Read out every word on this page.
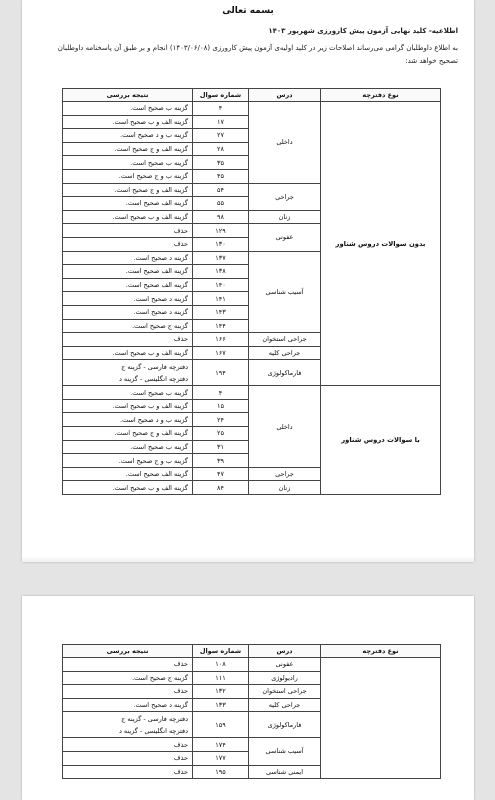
بسمه تعالی
اطلاعیه- کلید نهایی آزمون پیش کارورزی شهریور ۱۴۰۳

به اطلاع داوطلبان گرامی می‌رساند اصلاحات زیر در کلید اولیه‌ی آزمون پیش کارورزی (۱۴۰۳/۰۶/۰۸) انجام و بر طبق آن پاسخنامه داوطلبان تصحیح خواهد شد:

نوع دفترچه	درس	شماره سوال	نتیجه بررسی
بدون سوالات دروس شناور	داخلی	۴	گزینه ب صحیح است.
		۱۷	گزینه الف و ب صحیح است.
		۲۷	گزینه ب و د صحیح است.
		۲۸	گزینه الف و ج صحیح است.
		۳۵	گزینه ب صحیح است.
		۴۵	گزینه ب و ج صحیح است.
	جراحی	۵۴	گزینه الف و ج صحیح است.
		۵۵	گزینه الف صحیح است.
	زنان	۹۸	گزینه الف و ب صحیح است.
	عفونی	۱۲۹	حذف
		۱۳۰	حذف
	آسیب شناسی	۱۳۷	گزینه د صحیح است.
		۱۳۸	گزینه الف صحیح است.
		۱۴۰	گزینه الف صحیح است.
		۱۴۱	گزینه د صحیح است.
		۱۴۳	گزینه د صحیح است.
		۱۴۴	گزینه ج صحیح است.
	جراحی استخوان	۱۶۶	حذف
	جراحی کلیه	۱۶۷	گزینه الف و ب صحیح است.
	فارماکولوژی	۱۹۴	دفترچه فارسی - گزینه ج
دفترچه انگلیسی - گزینه د

با سوالات دروس شناور	داخلی	۴	گزینه ب صحیح است.
		۱۵	گزینه الف و ب صحیح است.
		۲۴	گزینه ب و د صحیح است.
		۲۵	گزینه الف و ج صحیح است.
		۳۱	گزینه ب صحیح است.
		۳۹	گزینه ب و ج صحیح است.
	جراحی	۴۷	گزینه الف صحیح است.
	زنان	۸۴	گزینه الف و ب صحیح است.
نوع دفترچه	درس	شماره سوال	نتیجه بررسی
	عفونی	۱۰۸	حذف
	رادیولوژی	۱۱۱	گزینه ج صحیح است.
	جراحی استخوان	۱۳۲	حذف
	جراحی کلیه	۱۳۳	گزینه د صحیح است.
	فارماکولوژی	۱۵۹	دفترچه فارسی - گزینه ج
دفترچه انگلیسی - گزینه د

	آسیب شناسی	۱۷۴	حذف
		۱۷۷	حذف
	ایمنی شناسی	۱۹۵	حذف
